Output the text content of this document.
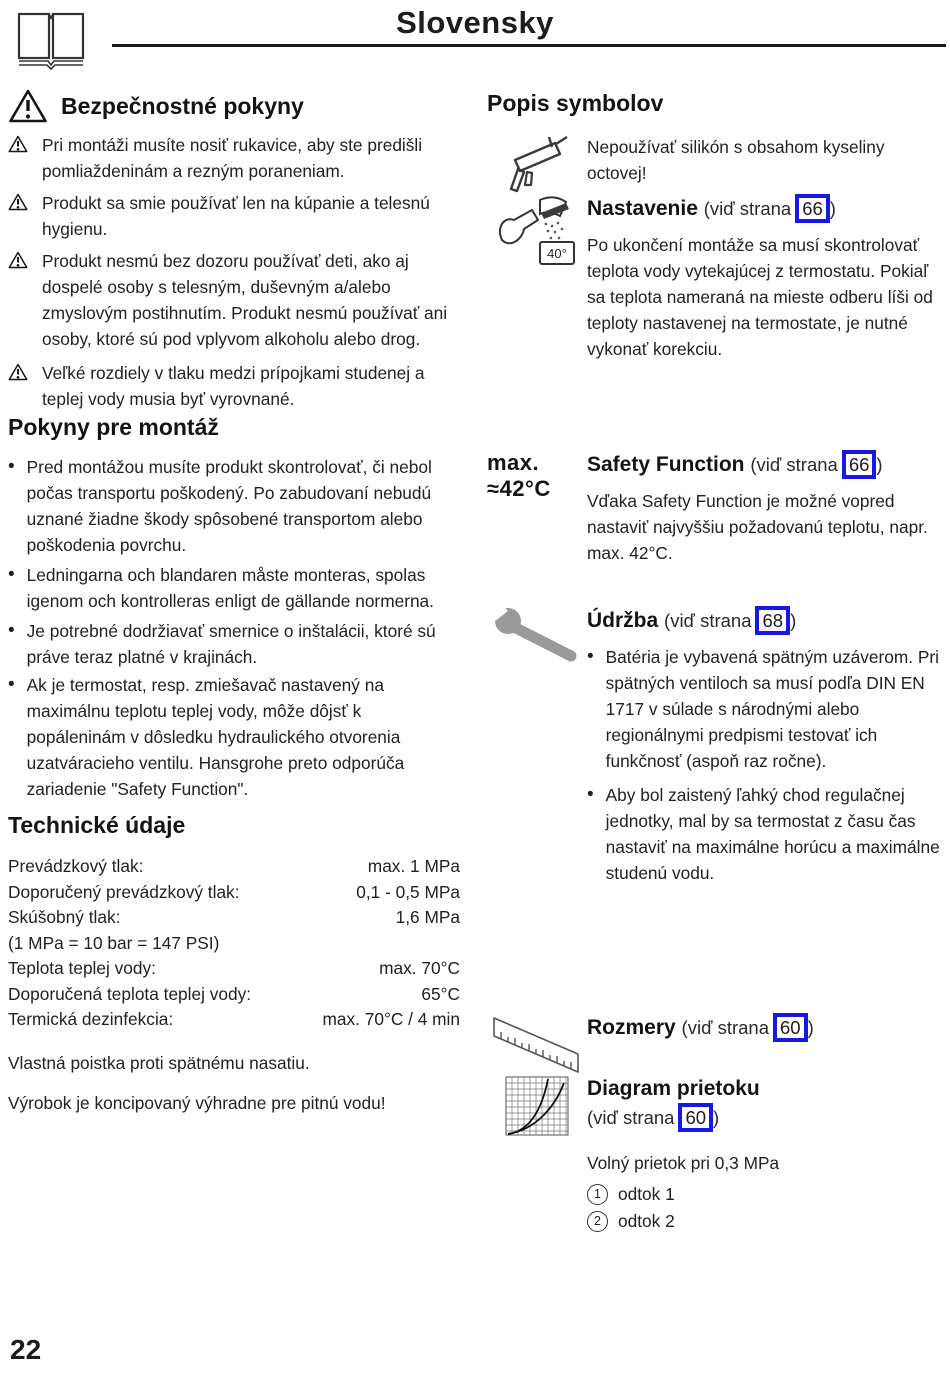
Slovensky
Bezpečnostné pokyny
Pri montáži musíte nosiť rukavice, aby ste predišli pomliaždeninám a rezným poraneniam.
Produkt sa smie používať len na kúpanie a telesnú hygienu.
Produkt nesmú bez dozoru používať deti, ako aj dospelé osoby s telesným, duševným a/alebo zmyslovým postihnutím. Produkt nesmú používať ani osoby, ktoré sú pod vplyvom alkoholu alebo drog.
Veľké rozdiely v tlaku medzi prípojkami studenej a teplej vody musia byť vyrovnané.
Pokyny pre montáž
• Pred montážou musíte produkt skontrolovať, či nebol počas transportu poškodený. Po zabudovaní nebudú uznané žiadne škody spôsobené transportom alebo poškodenia povrchu.
• Ledningarna och blandaren måste monteras, spolas igenom och kontrolleras enligt de gällande normerna.
• Je potrebné dodržiavať smernice o inštalácii, ktoré sú práve teraz platné v krajinách.
• Ak je termostat, resp. zmiešavač nastavený na maximálnu teplotu teplej vody, môže dôjsť k popáleninám v dôsledku hydraulického otvorenia uzatváracieho ventilu. Hansgrohe preto odporúča zariadenie "Safety Function".
Technické údaje
Prevádzkový tlak:	max. 1 MPa
Doporučený prevádzkový tlak:	0,1 - 0,5 MPa
Skúšobný tlak:	1,6 MPa
(1 MPa = 10 bar = 147 PSI)
Teplota teplej vody:	max. 70°C
Doporučená teplota teplej vody:	65°C
Termická dezinfekcia:	max. 70°C / 4 min
Vlastná poistka proti spätnému nasatiu.
Výrobok je koncipovaný výhradne pre pitnú vodu!
Popis symbolov
Nepoužívať silikón s obsahom kyseliny octovej!
40°
Nastavenie (viď strana 66 )
Po ukončení montáže sa musí skontrolovať teplota vody vytekajúcej z termostatu. Pokiaľ sa teplota nameraná na mieste odberu líši od teploty nastavenej na termostate, je nutné vykonať korekciu.
max.
≈42°C
Safety Function (viď strana 66 )
Vďaka Safety Function je možné vopred nastaviť najvyššiu požadovanú teplotu, napr. max. 42°C.
Údržba (viď strana 68 )
• Batéria je vybavená spätným uzáverom. Pri spätných ventiloch sa musí podľa DIN EN 1717 v súlade s národnými alebo regionálnymi predpismi testovať ich funkčnosť (aspoň raz ročne).
• Aby bol zaistený ľahký chod regulačnej jednotky, mal by sa termostat z času čas nastaviť na maximálne horúcu a maximálne studenú vodu.
Rozmery (viď strana 60 )
Diagram prietoku
(viď strana 60 )
Volný prietok pri 0,3 MPa
1 odtok 1
2 odtok 2
22
